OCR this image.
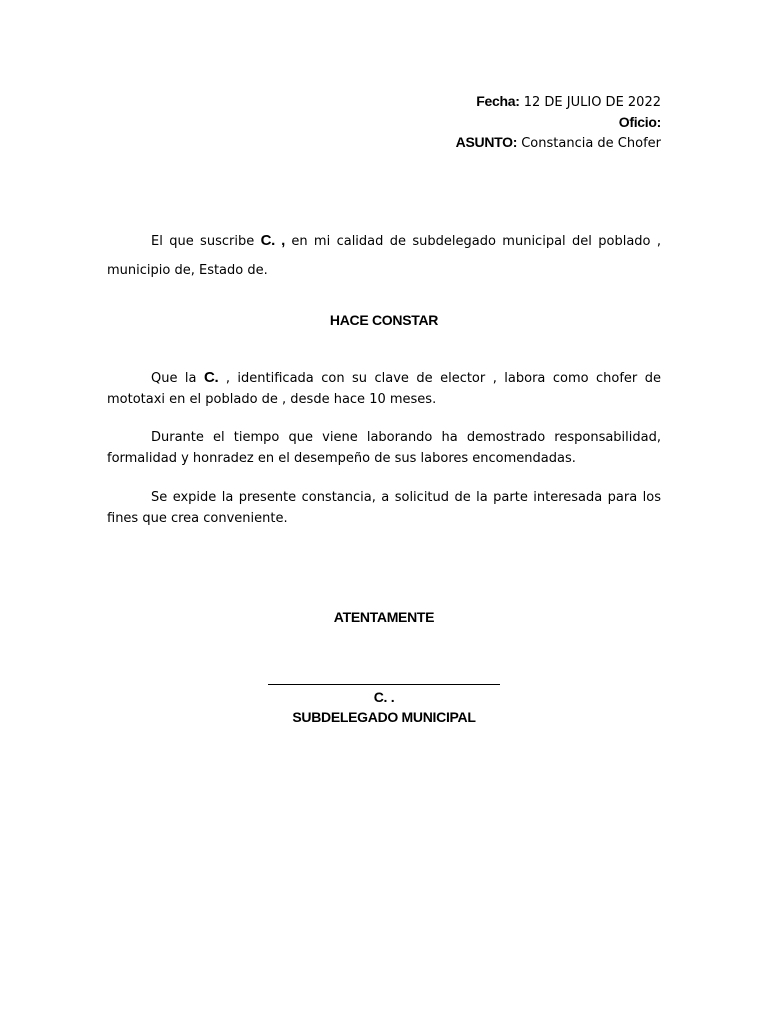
Fecha: 12 DE JULIO DE 2022
Oficio:
ASUNTO: Constancia de Chofer
El que suscribe C. , en mi calidad de subdelegado municipal del poblado , municipio de, Estado de.
HACE CONSTAR
Que la C. , identificada con su clave de elector , labora como chofer de mototaxi en el poblado de , desde hace 10 meses.
Durante el tiempo que viene laborando ha demostrado responsabilidad, formalidad y honradez en el desempeño de sus labores encomendadas.
Se expide la presente constancia, a solicitud de la parte interesada para los fines que crea conveniente.
ATENTAMENTE
C. .
SUBDELEGADO MUNICIPAL
